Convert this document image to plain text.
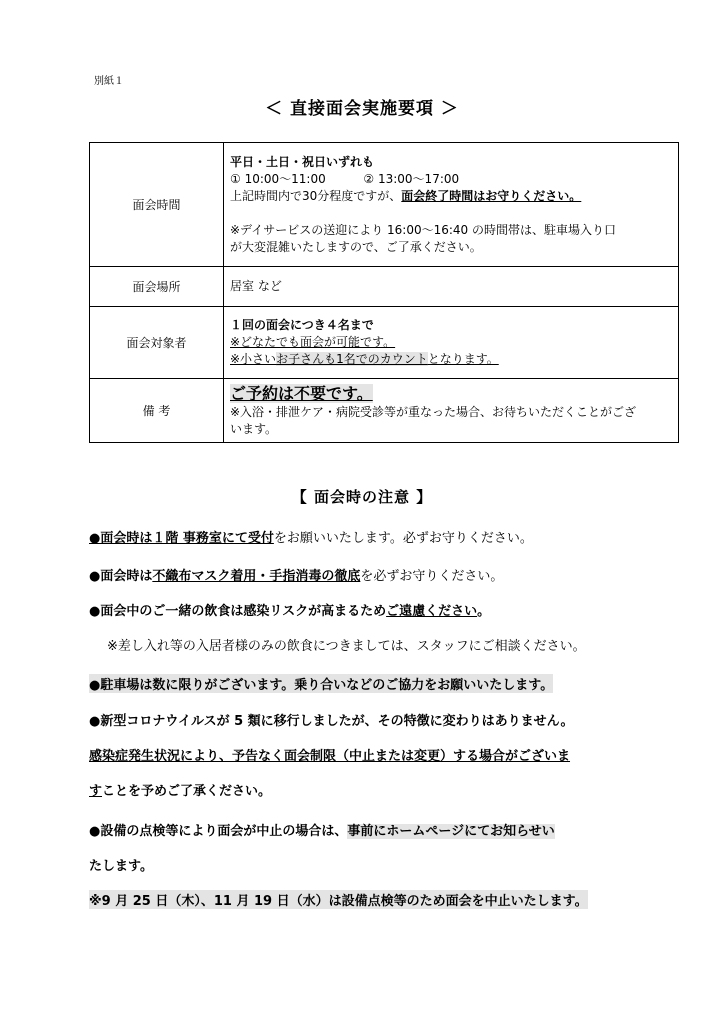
別紙１
＜ 直接面会実施要項 ＞
面会時間	平日・土日・祝日いずれも
① 10:00～11:00 ② 13:00～17:00
上記時間内で30分程度ですが、面会終了時間はお守りください。
※デイサービスの送迎により 16:00～16:40 の時間帯は、駐車場入り口
が大変混雑いたしますので、ご了承ください。

面会場所	居室 など
面会対象者	１回の面会につき４名まで
※どなたでも面会が可能です。
※小さいお子さんも1名でのカウントとなります。

備 考	ご予約は不要です。
※入浴・排泄ケア・病院受診等が重なった場合、お待ちいただくことがござ
います。
【 面会時の注意 】
●面会時は１階 事務室にて受付をお願いいたします。必ずお守りください。
●面会時は不織布マスク着用・手指消毒の徹底を必ずお守りください。
●面会中のご一緒の飲食は感染リスクが高まるためご遠慮ください。
※差し入れ等の入居者様のみの飲食につきましては、スタッフにご相談ください。
●駐車場は数に限りがございます。乗り合いなどのご協力をお願いいたします。
●新型コロナウイルスが 5 類に移行しましたが、その特徴に変わりはありません。
感染症発生状況により、予告なく面会制限（中止または変更）する場合がございま
すことを予めご了承ください。
●設備の点検等により面会が中止の場合は、事前にホームページにてお知らせい
たします。
※9 月 25 日（木）、11 月 19 日（水）は設備点検等のため面会を中止いたします。
